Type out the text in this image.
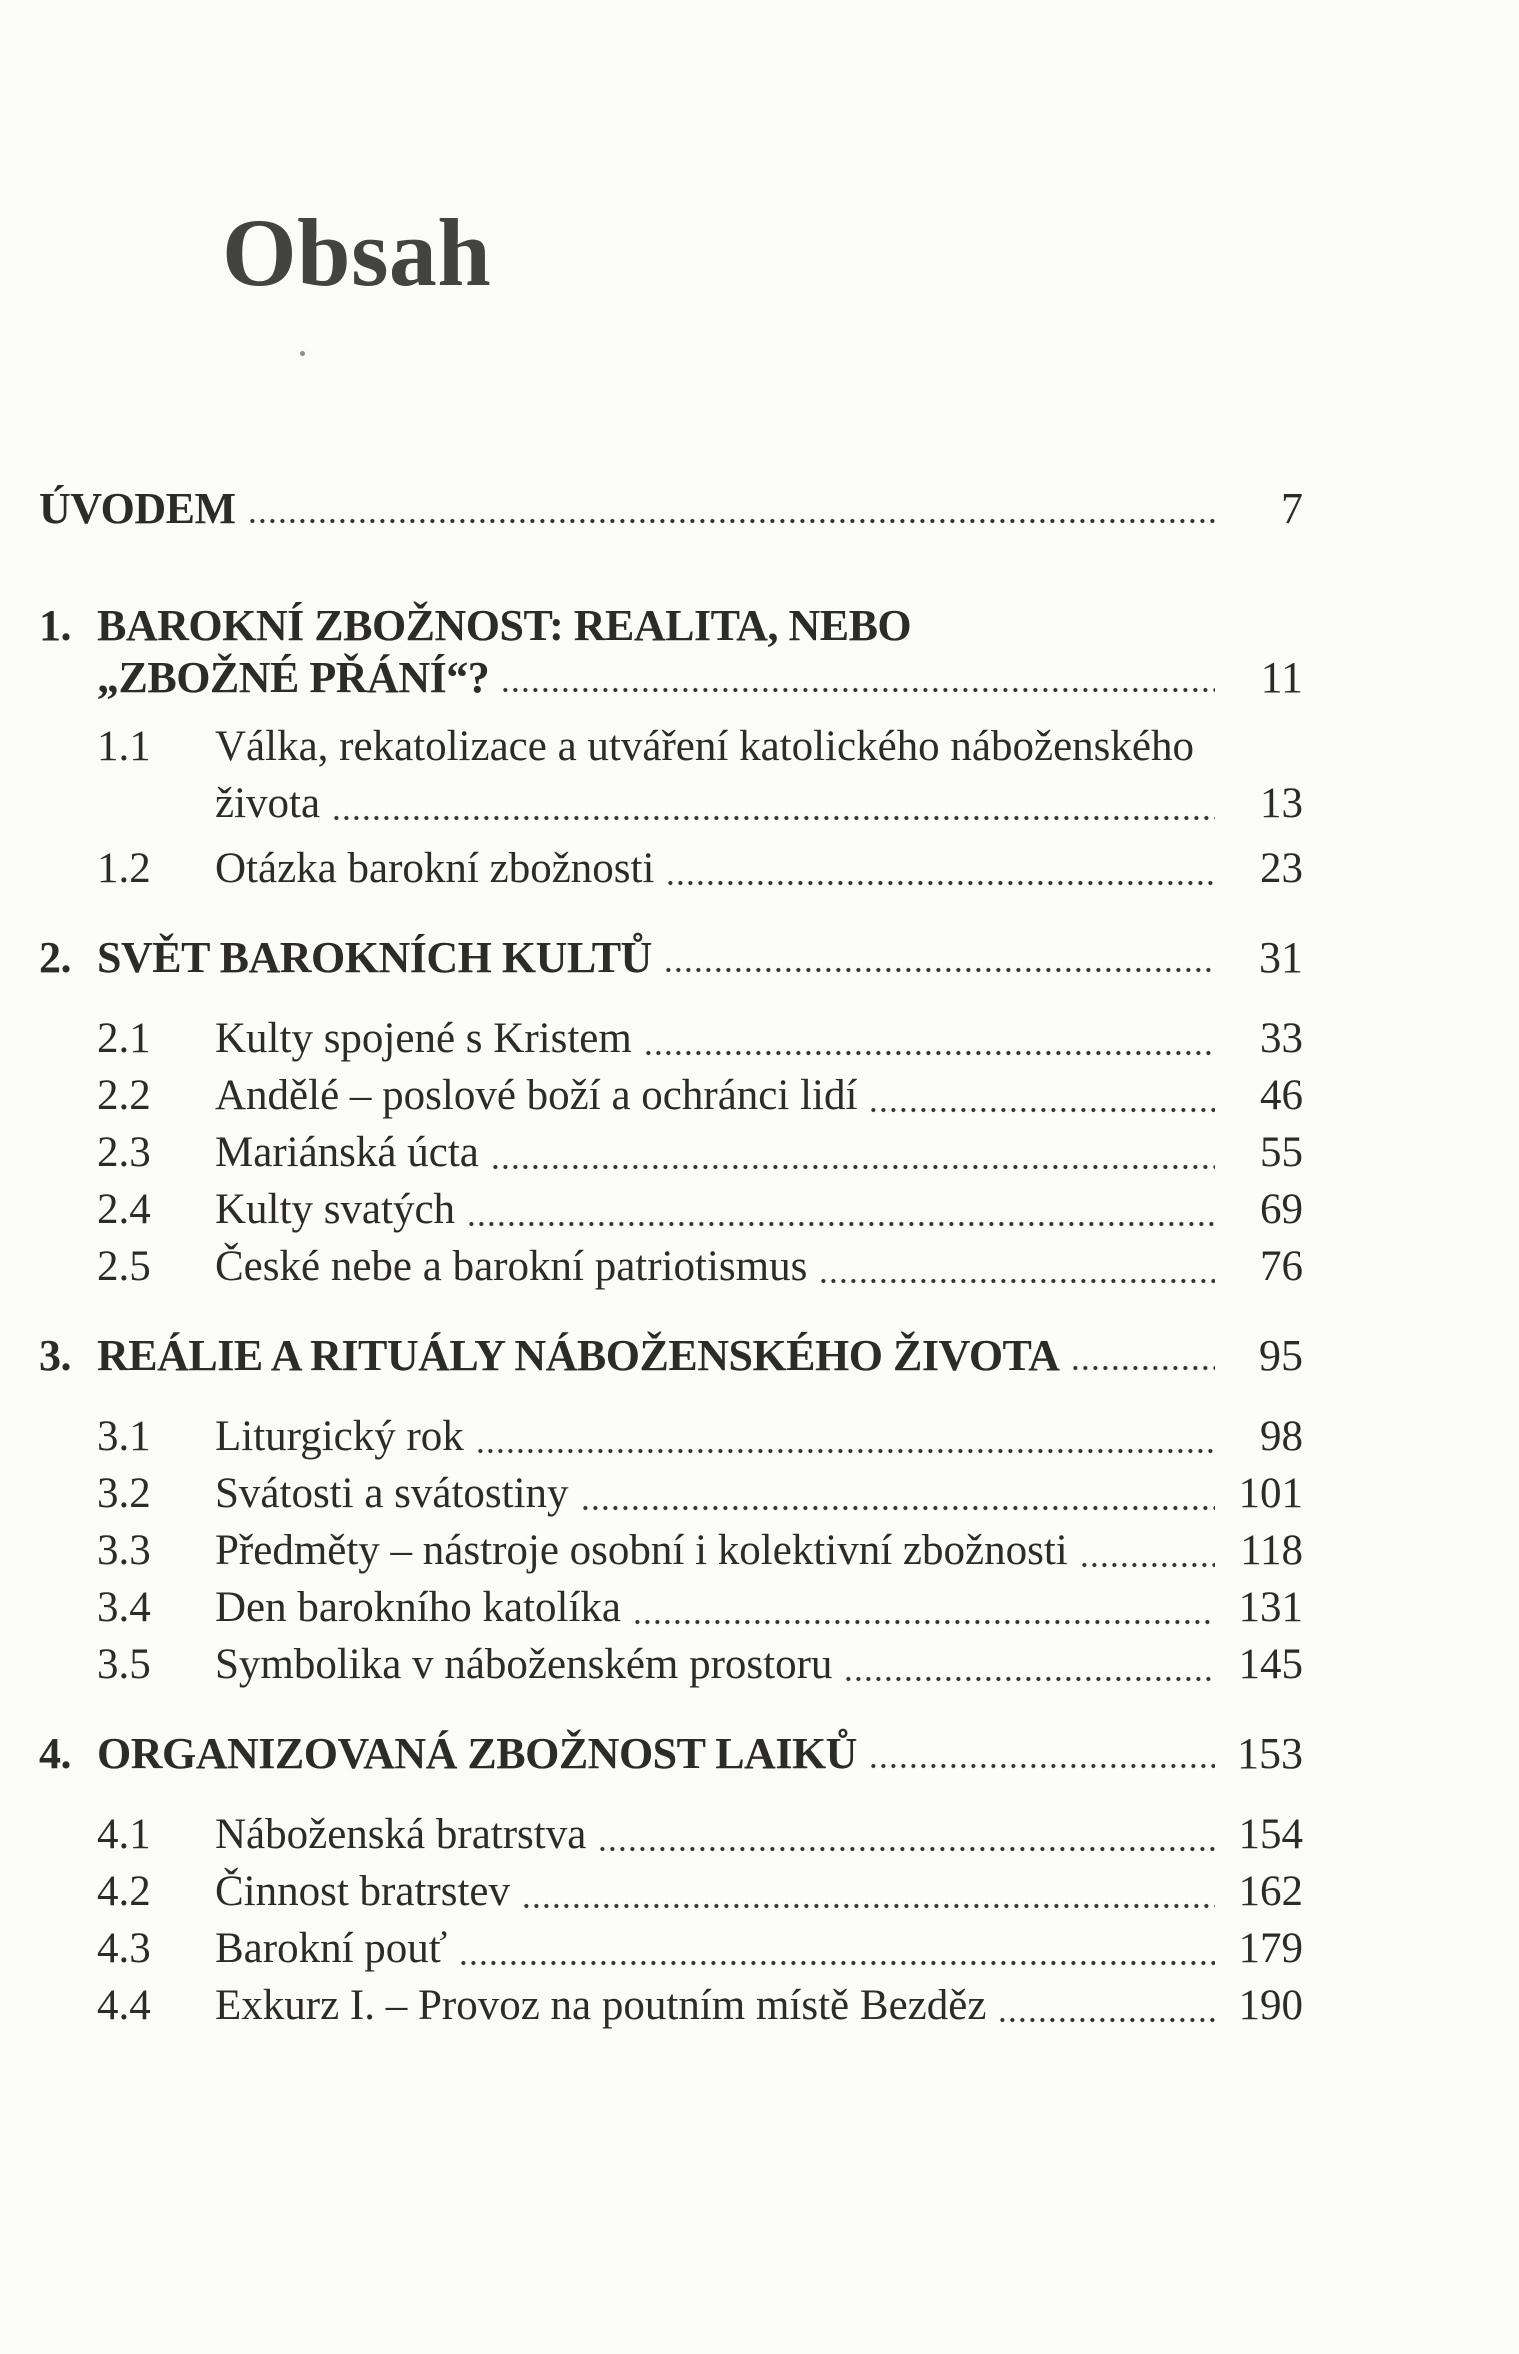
Obsah
ÚVODEM	7
1. BAROKNÍ ZBOŽNOST: REALITA, NEBO
„ZBOŽNÉ PŘÁNÍ“?	11
1.1	Válka, rekatolizace a utváření katolického náboženského
života	13
1.2	Otázka barokní zbožnosti	23
2. SVĚT BAROKNÍCH KULTŮ	31
2.1	Kulty spojené s Kristem	33
2.2	Andělé – poslové boží a ochránci lidí	46
2.3	Mariánská úcta	55
2.4	Kulty svatých	69
2.5	České nebe a barokní patriotismus	76
3. REÁLIE A RITUÁLY NÁBOŽENSKÉHO ŽIVOTA	95
3.1	Liturgický rok	98
3.2	Svátosti a svátostiny	101
3.3	Předměty – nástroje osobní i kolektivní zbožnosti	118
3.4	Den barokního katolíka	131
3.5	Symbolika v náboženském prostoru	145
4. ORGANIZOVANÁ ZBOŽNOST LAIKŮ	153
4.1	Náboženská bratrstva	154
4.2	Činnost bratrstev	162
4.3	Barokní pouť	179
4.4	Exkurz I. – Provoz na poutním místě Bezděz	190
